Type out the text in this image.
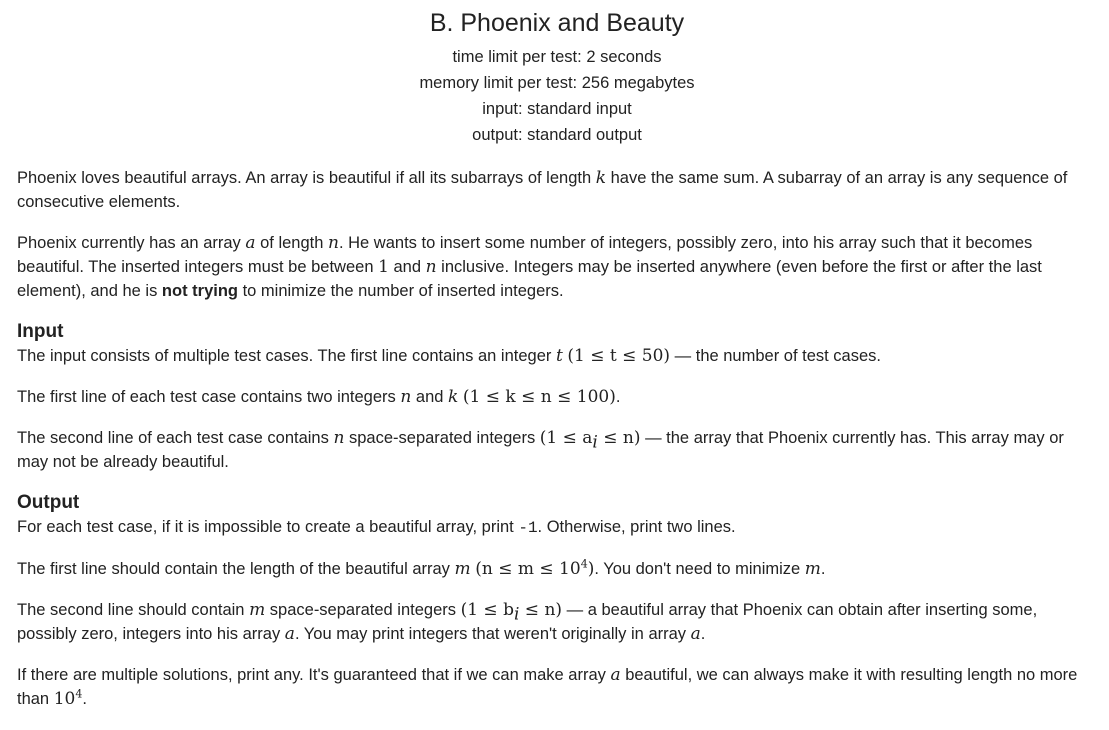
B. Phoenix and Beauty
time limit per test: 2 seconds
memory limit per test: 256 megabytes
input: standard input
output: standard output

Phoenix loves beautiful arrays. An array is beautiful if all its subarrays of length k have the same sum. A subarray of an array is any sequence of consecutive elements.

Phoenix currently has an array a of length n. He wants to insert some number of integers, possibly zero, into his array such that it becomes beautiful. The inserted integers must be between 1 and n inclusive. Integers may be inserted anywhere (even before the first or after the last element), and he is not trying to minimize the number of inserted integers.

Input

The input consists of multiple test cases. The first line contains an integer t (1 ≤ t ≤ 50) — the number of test cases.

The first line of each test case contains two integers n and k (1 ≤ k ≤ n ≤ 100).

The second line of each test case contains n space-separated integers $(1 \le a_i \le n)$ — the array that Phoenix currently has. This array may or may not be already beautiful.

Output

For each test case, if it is impossible to create a beautiful array, print -1. Otherwise, print two lines.

The first line should contain the length of the beautiful array m $(n \le m \le 10^4)$. You don't need to minimize m.

The second line should contain m space-separated integers $(1 \le b_i \le n)$ — a beautiful array that Phoenix can obtain after inserting some, possibly zero, integers into his array a. You may print integers that weren't originally in array a.

If there are multiple solutions, print any. It's guaranteed that if we can make array a beautiful, we can always make it with resulting length no more than $10^4$.
